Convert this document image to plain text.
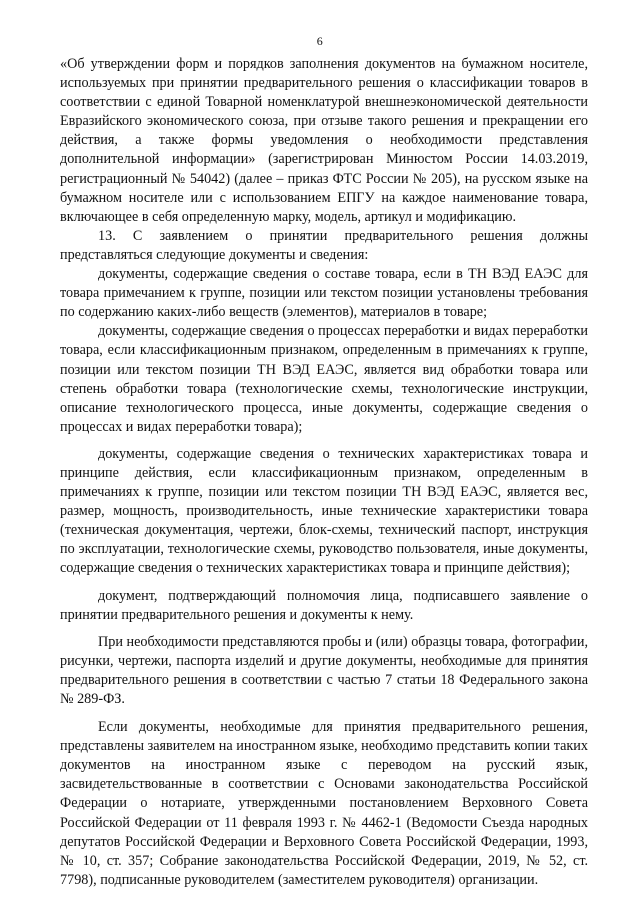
6

«Об утверждении форм и порядков заполнения документов на бумажном носителе, используемых при принятии предварительного решения о классификации товаров в соответствии с единой Товарной номенклатурой внешнеэкономической деятельности Евразийского экономического союза, при отзыве такого решения и прекращении его действия, а также формы уведомления о необходимости представления дополнительной информации» (зарегистрирован Минюстом России 14.03.2019, регистрационный № 54042) (далее – приказ ФТС России № 205), на русском языке на бумажном носителе или с использованием ЕПГУ на каждое наименование товара, включающее в себя определенную марку, модель, артикул и модификацию.

13. С заявлением о принятии предварительного решения должны представляться следующие документы и сведения:

документы, содержащие сведения о составе товара, если в ТН ВЭД ЕАЭС для товара примечанием к группе, позиции или текстом позиции установлены требования по содержанию каких-либо веществ (элементов), материалов в товаре;

документы, содержащие сведения о процессах переработки и видах переработки товара, если классификационным признаком, определенным в примечаниях к группе, позиции или текстом позиции ТН ВЭД ЕАЭС, является вид обработки товара или степень обработки товара (технологические схемы, технологические инструкции, описание технологического процесса, иные документы, содержащие сведения о процессах и видах переработки товара);

документы, содержащие сведения о технических характеристиках товара и принципе действия, если классификационным признаком, определенным в примечаниях к группе, позиции или текстом позиции ТН ВЭД ЕАЭС, является вес, размер, мощность, производительность, иные технические характеристики товара (техническая документация, чертежи, блок-схемы, технический паспорт, инструкция по эксплуатации, технологические схемы, руководство пользователя, иные документы, содержащие сведения о технических характеристиках товара и принципе действия);

документ, подтверждающий полномочия лица, подписавшего заявление о принятии предварительного решения и документы к нему.

При необходимости представляются пробы и (или) образцы товара, фотографии, рисунки, чертежи, паспорта изделий и другие документы, необходимые для принятия предварительного решения в соответствии с частью 7 статьи 18 Федерального закона № 289-ФЗ.

Если документы, необходимые для принятия предварительного решения, представлены заявителем на иностранном языке, необходимо представить копии таких документов на иностранном языке с переводом на русский язык, засвидетельствованные в соответствии с Основами законодательства Российской Федерации о нотариате, утвержденными постановлением Верховного Совета Российской Федерации от 11 февраля 1993 г. № 4462-1 (Ведомости Съезда народных депутатов Российской Федерации и Верховного Совета Российской Федерации, 1993, № 10, ст. 357; Собрание законодательства Российской Федерации, 2019, № 52, ст. 7798), подписанные руководителем (заместителем руководителя) организации.
